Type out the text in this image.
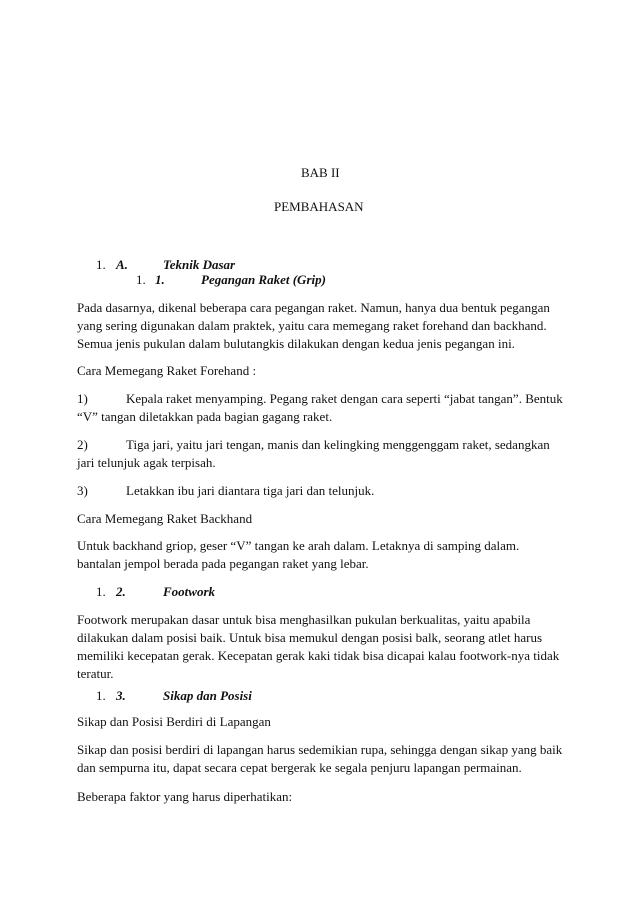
BAB II
PEMBAHASAN
1. A.	Teknik Dasar
1. 1.	Pegangan Raket (Grip)
Pada dasarnya, dikenal beberapa cara pegangan raket. Namun, hanya dua bentuk pegangan
yang sering digunakan dalam praktek, yaitu cara memegang raket forehand dan backhand.
Semua jenis pukulan dalam bulutangkis dilakukan dengan kedua jenis pegangan ini.
Cara Memegang Raket Forehand :
1)	Kepala raket menyamping. Pegang raket dengan cara seperti “jabat tangan”. Bentuk
“V” tangan diletakkan pada bagian gagang raket.
2)	Tiga jari, yaitu jari tengan, manis dan kelingking menggenggam raket, sedangkan
jari telunjuk agak terpisah.
3)	Letakkan ibu jari diantara tiga jari dan telunjuk.
Cara Memegang Raket Backhand
Untuk backhand griop, geser “V” tangan ke arah dalam. Letaknya di samping dalam.
bantalan jempol berada pada pegangan raket yang lebar.
1. 2.	Footwork
Footwork merupakan dasar untuk bisa menghasilkan pukulan berkualitas, yaitu apabila
dilakukan dalam posisi baik. Untuk bisa memukul dengan posisi balk, seorang atlet harus
memiliki kecepatan gerak. Kecepatan gerak kaki tidak bisa dicapai kalau footwork-nya tidak
teratur.
1. 3.	Sikap dan Posisi
Sikap dan Posisi Berdiri di Lapangan
Sikap dan posisi berdiri di lapangan harus sedemikian rupa, sehingga dengan sikap yang baik
dan sempurna itu, dapat secara cepat bergerak ke segala penjuru lapangan permainan.
Beberapa faktor yang harus diperhatikan:
